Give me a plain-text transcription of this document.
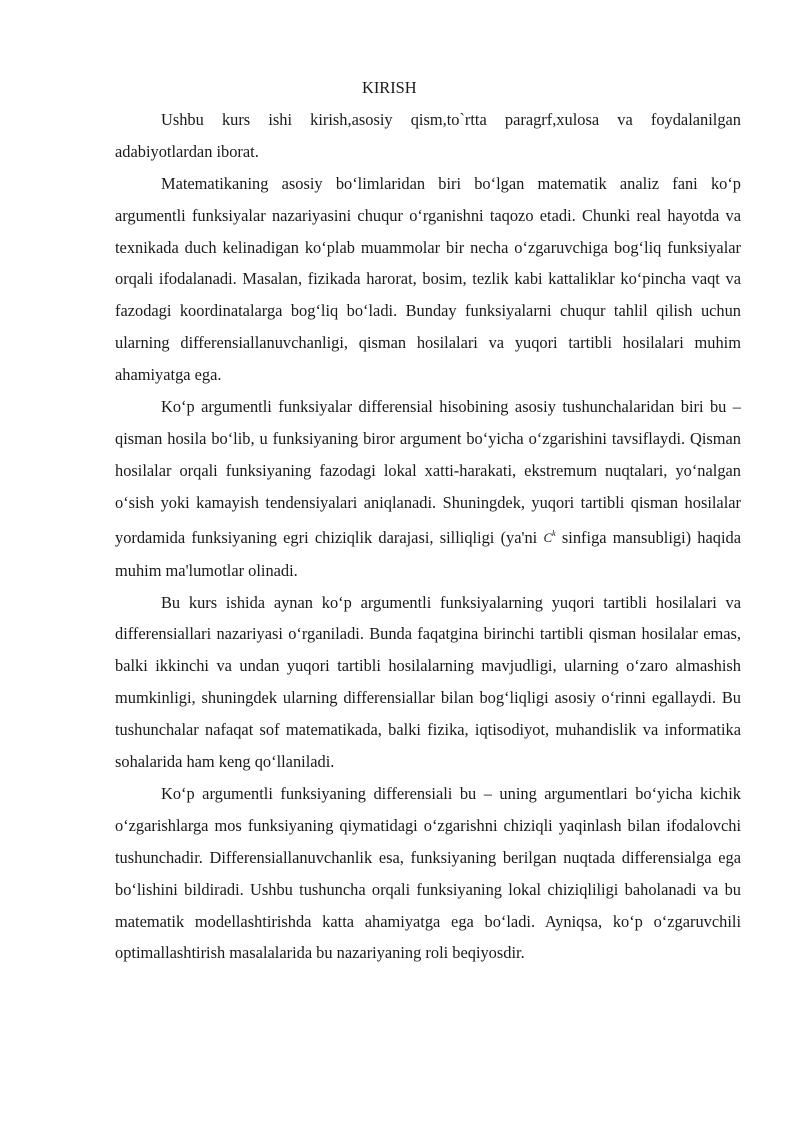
KIRISH

Ushbu kurs ishi kirish,asosiy qism,to`rtta paragrf,xulosa va foydalanilgan adabiyotlardan iborat.

Matematikaning asosiy bo‘limlaridan biri bo‘lgan matematik analiz fani ko‘p argumentli funksiyalar nazariyasini chuqur o‘rganishni taqozo etadi. Chunki real hayotda va texnikada duch kelinadigan ko‘plab muammolar bir necha o‘zgaruvchiga bog‘liq funksiyalar orqali ifodalanadi. Masalan, fizikada harorat, bosim, tezlik kabi kattaliklar ko‘pincha vaqt va fazodagi koordinatalarga bog‘liq bo‘ladi. Bunday funksiyalarni chuqur tahlil qilish uchun ularning differensiallanuvchanligi, qisman hosilalari va yuqori tartibli hosilalari muhim ahamiyatga ega.

Ko‘p argumentli funksiyalar differensial hisobining asosiy tushunchalaridan biri bu – qisman hosila bo‘lib, u funksiyaning biror argument bo‘yicha o‘zgarishini tavsiflaydi. Qisman hosilalar orqali funksiyaning fazodagi lokal xatti-harakati, ekstremum nuqtalari, yo‘nalgan o‘sish yoki kamayish tendensiyalari aniqlanadi. Shuningdek, yuqori tartibli qisman hosilalar yordamida funksiyaning egri chiziqlik darajasi, silliqligi (ya'ni $C^k$ sinfiga mansubligi) haqida muhim ma'lumotlar olinadi.

Bu kurs ishida aynan ko‘p argumentli funksiyalarning yuqori tartibli hosilalari va differensiallari nazariyasi o‘rganiladi. Bunda faqatgina birinchi tartibli qisman hosilalar emas, balki ikkinchi va undan yuqori tartibli hosilalarning mavjudligi, ularning o‘zaro almashish mumkinligi, shuningdek ularning differensiallar bilan bog‘liqligi asosiy o‘rinni egallaydi. Bu tushunchalar nafaqat sof matematikada, balki fizika, iqtisodiyot, muhandislik va informatika sohalarida ham keng qo‘llaniladi.

Ko‘p argumentli funksiyaning differensiali bu – uning argumentlari bo‘yicha kichik o‘zgarishlarga mos funksiyaning qiymatidagi o‘zgarishni chiziqli yaqinlash bilan ifodalovchi tushunchadir. Differensiallanuvchanlik esa, funksiyaning berilgan nuqtada differensialga ega bo‘lishini bildiradi. Ushbu tushuncha orqali funksiyaning lokal chiziqliligi baholanadi va bu matematik modellashtirishda katta ahamiyatga ega bo‘ladi. Ayniqsa, ko‘p o‘zgaruvchili optimallashtirish masalalarida bu nazariyaning roli beqiyosdir.
